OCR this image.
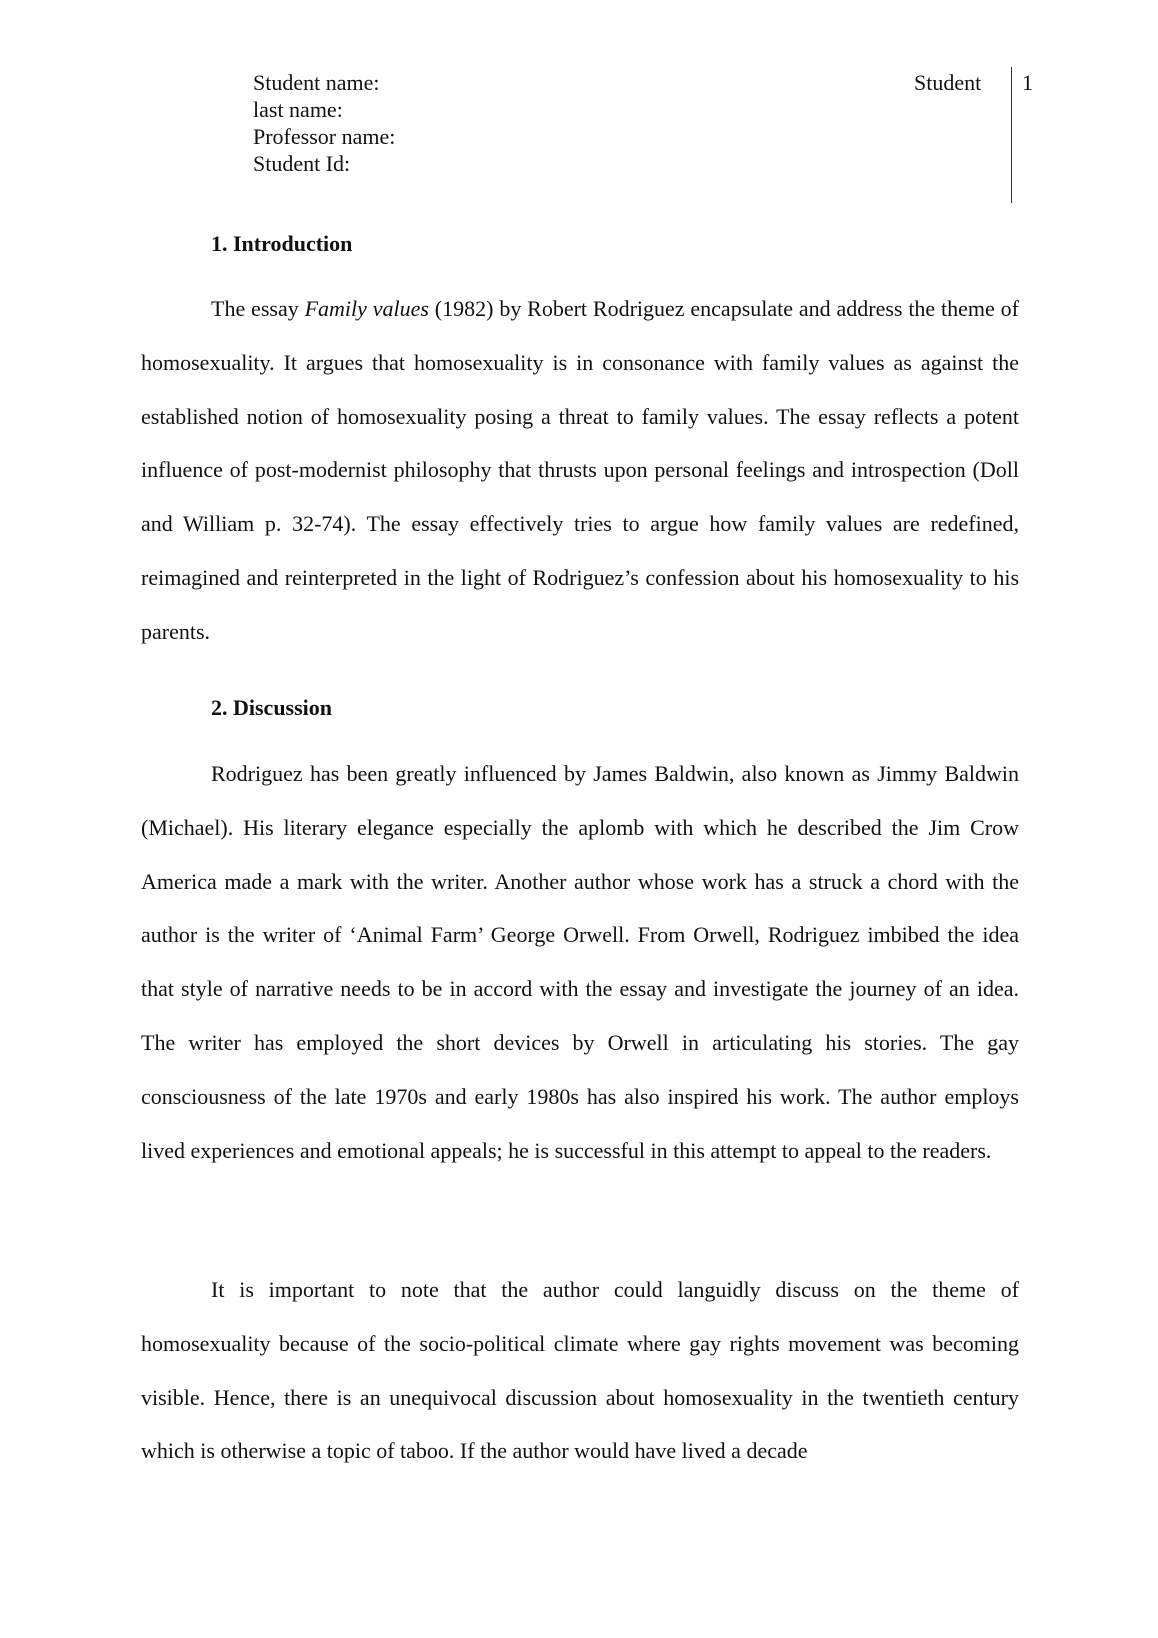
Student name:
last name:
Professor name:
Student Id:
Student 1
1. Introduction

The essay Family values (1982) by Robert Rodriguez encapsulate and address the theme of homosexuality. It argues that homosexuality is in consonance with family values as against the established notion of homosexuality posing a threat to family values. The essay reflects a potent influence of post-modernist philosophy that thrusts upon personal feelings and introspection (Doll and William p. 32-74). The essay effectively tries to argue how family values are redefined, reimagined and reinterpreted in the light of Rodriguez’s confession about his homosexuality to his parents.

2. Discussion

Rodriguez has been greatly influenced by James Baldwin, also known as Jimmy Baldwin (Michael). His literary elegance especially the aplomb with which he described the Jim Crow America made a mark with the writer. Another author whose work has a struck a chord with the author is the writer of ‘Animal Farm’ George Orwell. From Orwell, Rodriguez imbibed the idea that style of narrative needs to be in accord with the essay and investigate the journey of an idea. The writer has employed the short devices by Orwell in articulating his stories. The gay consciousness of the late 1970s and early 1980s has also inspired his work. The author employs lived experiences and emotional appeals; he is successful in this attempt to appeal to the readers.

It is important to note that the author could languidly discuss on the theme of homosexuality because of the socio-political climate where gay rights movement was becoming visible. Hence, there is an unequivocal discussion about homosexuality in the twentieth century which is otherwise a topic of taboo. If the author would have lived a decade
